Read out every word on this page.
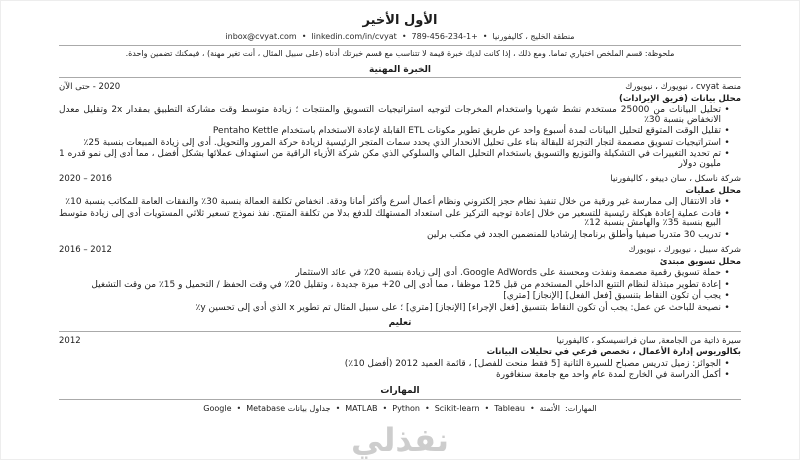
الأول الأخير
منطقة الخليج ، كاليفورنيا
•
789-456-234-1+
•
linkedin.com/in/cvyat
•
inbox@cvyat.com

ملحوظة: قسم الملخص اختياري تماما. ومع ذلك ، إذا كانت لديك خبرة قيمة لا تتناسب مع قسم خبرتك أدناه (على سبيل المثال ، أنت تغير مهنة) ، فيمكنك تضمين واحدة.

الخبرة المهنية
منصة cvyat ، نيويورك ، نيويورك
2020 - حتى الآن
محلل بيانات (فريق الإيرادات)
• تحليل البيانات من 25000 مستخدم نشط شهريا واستخدام المخرجات لتوجيه استراتيجيات التسويق والمنتجات ؛ زيادة متوسط وقت مشاركة التطبيق بمقدار 2x وتقليل معدل الانخفاض بنسبة 30٪
• تقليل الوقت المتوقع لتحليل البيانات لمدة أسبوع واحد عن طريق تطوير مكونات ETL القابلة لإعادة الاستخدام باستخدام Pentaho Kettle
• استراتيجيات تسويق مصممة لتجار التجزئة للبقالة بناء على تحليل الانحدار الذي يحدد سمات المتجر الرئيسية لزيادة حركة المرور والتحويل. أدى إلى زيادة المبيعات بنسبة 25٪
• تم تحديد التغييرات في التشكيلة والتوزيع والتسويق باستخدام التحليل المالي والسلوكي الذي مكن شركة الأزياء الراقية من استهداف عملائها بشكل أفضل ، مما أدى إلى نمو قدره 1 مليون دولار
شركة ناسكل ، سان دييغو ، كاليفورنيا
2016 – 2020
محلل عمليات
• قاد الانتقال إلى ممارسة غير ورقية من خلال تنفيذ نظام حجز إلكتروني ونظام أعمال أسرع وأكثر أمانا ودقة. انخفاض تكلفة العمالة بنسبة 30٪ والنفقات العامة للمكاتب بنسبة 10٪
• قادت عملية إعادة هيكلة رئيسية للتسعير من خلال إعادة توجيه التركيز على استعداد المستهلك للدفع بدلا من تكلفة المنتج. نفذ نموذج تسعير ثلاثي المستويات أدى إلى زيادة متوسط البيع بنسبة 35٪ والهامش بنسبة 12٪
• تدريب 30 متدربا صيفيا وأطلق برنامجا إرشاديا للمنضمين الجدد في مكتب برلين
شركة سيبل ، نيويورك ، نيويورك
2012 – 2016
محلل تسويق مبتدئ
• حملة تسويق رقمية مصممة ونفذت ومحسنة على Google AdWords. أدى إلى زيادة بنسبة 20٪ في عائد الاستثمار
• إعادة تطوير مبتذلة لنظام التتبع الداخلي المستخدم من قبل 125 موظفا ، مما أدى إلى 20+ ميزة جديدة ، وتقليل 20٪ في وقت الحفظ / التحميل و 15٪ من وقت التشغيل
• يجب أن تكون النقاط بتنسيق [فعل الفعل] [الإنجاز] [متري]
• نصيحة للباحث عن عمل: يجب أن تكون النقاط بتنسيق [فعل الإجراء] [الإنجاز] [متري] ؛ على سبيل المثال تم تطوير x الذي أدى إلى تحسين y٪
تعليم
سيرة ذاتية من الجامعة, سان فرانسيسكو ، كاليفورنيا
2012
بكالوريوس إدارة الأعمال ، تخصص فرعي في تحليلات البيانات
• الجوائز: زميل تدريس مصباح للسيرة الثانية [5 فقط منحت للفصل] ، قائمة العميد 2012 (أفضل 10٪)
• أكمل الدراسة في الخارج لمدة عام واحد مع جامعة سنغافورة
المهارات
المهارات:
الأتمتة
•
Tableau
•
Scikit-learn
•
Python
•
MATLAB
•
جداول بيانات Metabase
•
Google
نفذلي
